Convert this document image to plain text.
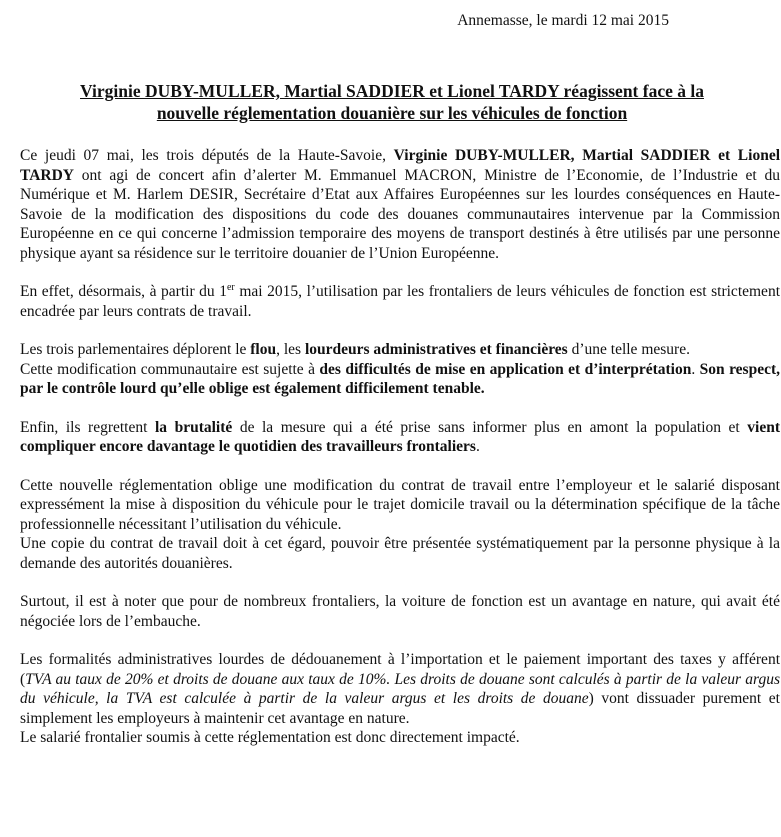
Annemasse, le mardi 12 mai 2015
Virginie DUBY-MULLER, Martial SADDIER et Lionel TARDY réagissent face à la
nouvelle réglementation douanière sur les véhicules de fonction

Ce jeudi 07 mai, les trois députés de la Haute-Savoie, Virginie DUBY-MULLER, Martial SADDIER et Lionel TARDY ont agi de concert afin d’alerter M. Emmanuel MACRON, Ministre de l’Economie, de l’Industrie et du Numérique et M. Harlem DESIR, Secrétaire d’Etat aux Affaires Européennes sur les lourdes conséquences en Haute-Savoie de la modification des dispositions du code des douanes communautaires intervenue par la Commission Européenne en ce qui concerne l’admission temporaire des moyens de transport destinés à être utilisés par une personne physique ayant sa résidence sur le territoire douanier de l’Union Européenne.

En effet, désormais, à partir du 1er mai 2015, l’utilisation par les frontaliers de leurs véhicules de fonction est strictement encadrée par leurs contrats de travail.

Les trois parlementaires déplorent le flou, les lourdeurs administratives et financières d’une telle mesure.

Cette modification communautaire est sujette à des difficultés de mise en application et d’interprétation. Son respect, par le contrôle lourd qu’elle oblige est également difficilement tenable.

Enfin, ils regrettent la brutalité de la mesure qui a été prise sans informer plus en amont la population et vient compliquer encore davantage le quotidien des travailleurs frontaliers.

Cette nouvelle réglementation oblige une modification du contrat de travail entre l’employeur et le salarié disposant expressément la mise à disposition du véhicule pour le trajet domicile travail ou la détermination spécifique de la tâche professionnelle nécessitant l’utilisation du véhicule.

Une copie du contrat de travail doit à cet égard, pouvoir être présentée systématiquement par la personne physique à la demande des autorités douanières.

Surtout, il est à noter que pour de nombreux frontaliers, la voiture de fonction est un avantage en nature, qui avait été négociée lors de l’embauche.

Les formalités administratives lourdes de dédouanement à l’importation et le paiement important des taxes y afférent (TVA au taux de 20% et droits de douane aux taux de 10%. Les droits de douane sont calculés à partir de la valeur argus du véhicule, la TVA est calculée à partir de la valeur argus et les droits de douane) vont dissuader purement et simplement les employeurs à maintenir cet avantage en nature.

Le salarié frontalier soumis à cette réglementation est donc directement impacté.
